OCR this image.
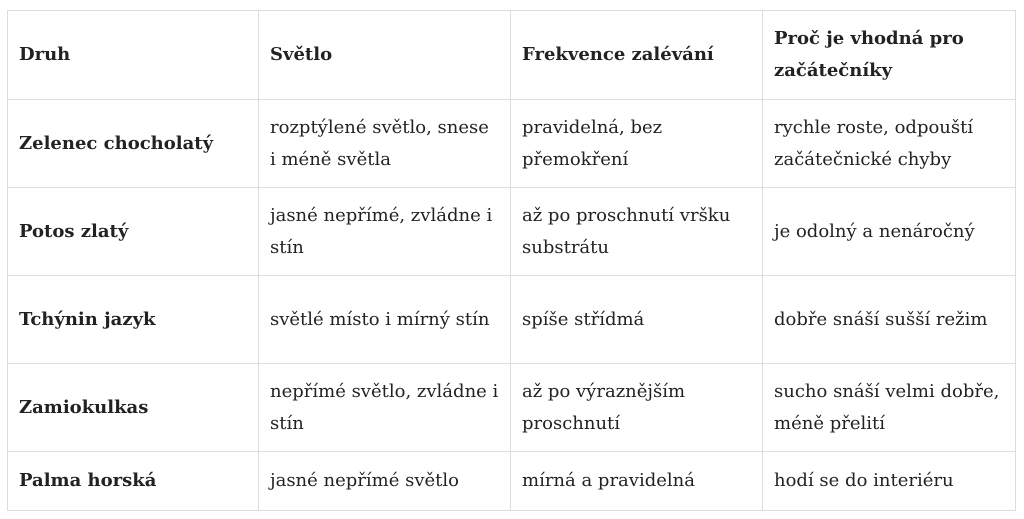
Druh	Světlo	Frekvence zalévání	Proč je vhodná pro začátečníky
Zelenec chocholatý	rozptýlené světlo, snese i méně světla	pravidelná, bez přemokření	rychle roste, odpouští začátečnické chyby
Potos zlatý	jasné nepřímé, zvládne i stín	až po proschnutí vršku substrátu	je odolný a nenáročný
Tchýnin jazyk	světlé místo i mírný stín	spíše střídmá	dobře snáší sušší režim
Zamiokulkas	nepřímé světlo, zvládne i stín	až po výraznějším proschnutí	sucho snáší velmi dobře, méně přelití
Palma horská	jasné nepřímé světlo	mírná a pravidelná	hodí se do interiéru
